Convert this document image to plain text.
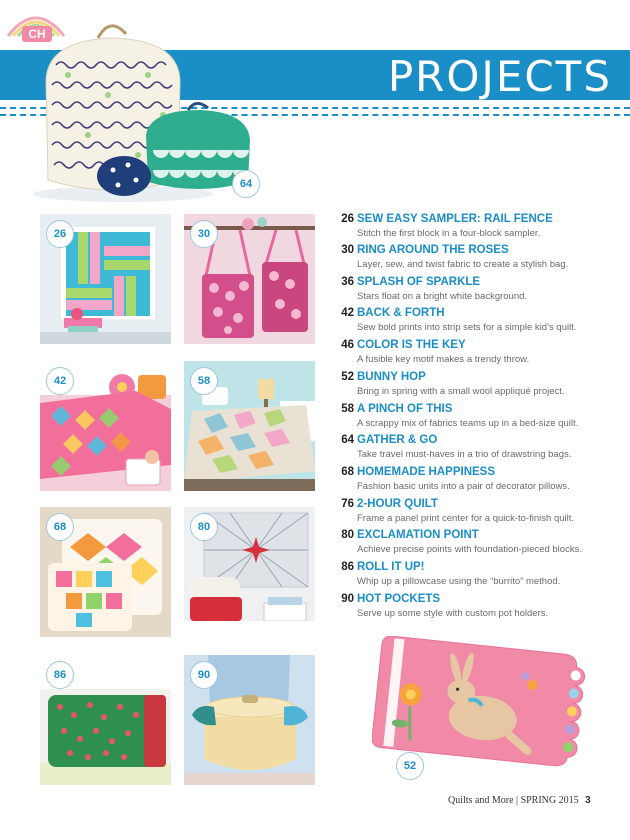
CH
PROJECTS
64
26	30
42	58
68	80
86	90
26 SEW EASY SAMPLER: RAIL FENCE
Stitch the first block in a four-block sampler.
30 RING AROUND THE ROSES
Layer, sew, and twist fabric to create a stylish bag.
36 SPLASH OF SPARKLE
Stars float on a bright white background.
42 BACK & FORTH
Sew bold prints into strip sets for a simple kid’s quilt.
46 COLOR IS THE KEY
A fusible key motif makes a trendy throw.
52 BUNNY HOP
Bring in spring with a small wool appliqué project.
58 A PINCH OF THIS
A scrappy mix of fabrics teams up in a bed-size quilt.
64 GATHER & GO
Take travel must-haves in a trio of drawstring bags.
68 HOMEMADE HAPPINESS
Fashion basic units into a pair of decorator pillows.
76 2-HOUR QUILT
Frame a panel print center for a quick-to-finish quilt.
80 EXCLAMATION POINT
Achieve precise points with foundation-pieced blocks.
86 ROLL IT UP!
Whip up a pillowcase using the “burrito” method.
90 HOT POCKETS
Serve up some style with custom pot holders.
52
Quilts and More | SPRING 2015 3
